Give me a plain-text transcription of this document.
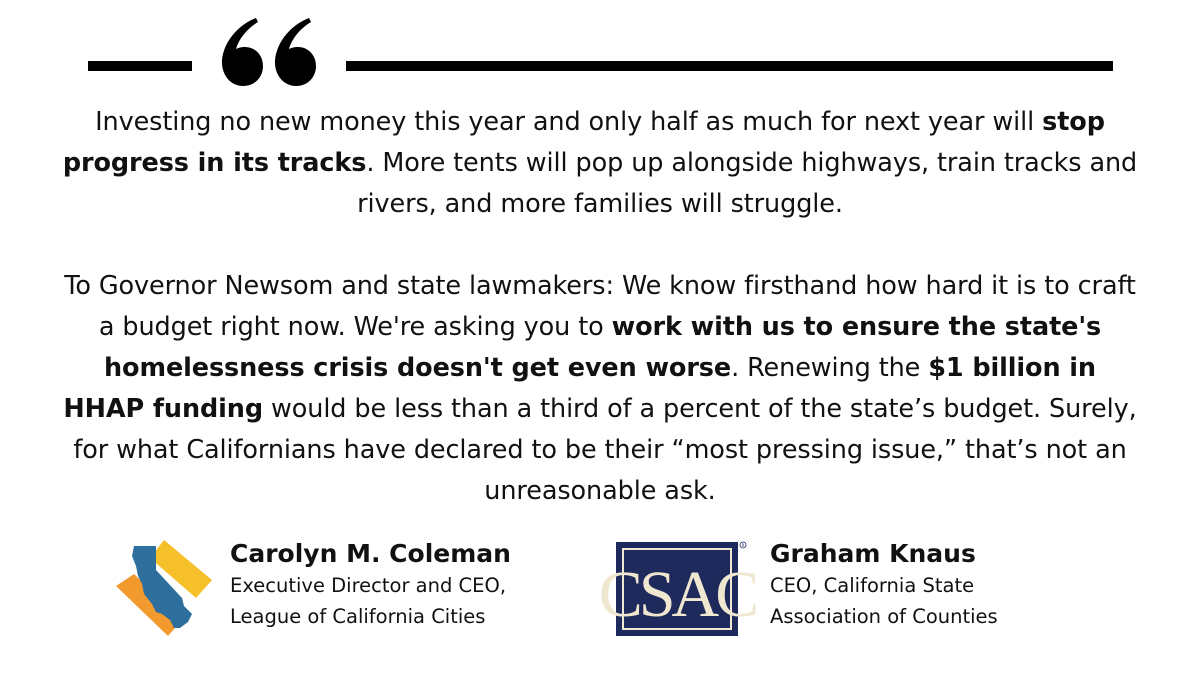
Investing no new money this year and only half as much for next year will stop progress in its tracks. More tents will pop up alongside highways, train tracks and rivers, and more families will struggle.

To Governor Newsom and state lawmakers: We know firsthand how hard it is to craft a budget right now. We're asking you to work with us to ensure the state's homelessness crisis doesn't get even worse. Renewing the $1 billion in HHAP funding would be less than a third of a percent of the state’s budget. Surely, for what Californians have declared to be their “most pressing issue,” that’s not an unreasonable ask.

Carolyn M. Coleman
Executive Director and CEO,
League of California Cities	CSAC
R Graham Knaus
CEO, California State
Association of Counties
